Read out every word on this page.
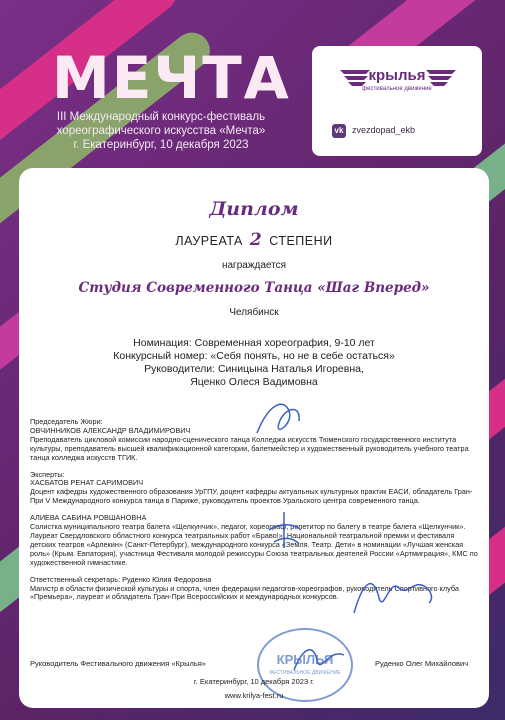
МЕЧТА
III Международный конкурс-фестиваль
хореографического искусства «Мечта»
г. Екатеринбург, 10 декабря 2023
крылья
фестивальное движение
vk zvezdopad_ekb
Диплом
ЛАУРЕАТА 2 СТЕПЕНИ
награждается
Студия Современного Танца «Шаг Вперед»
Челябинск
Номинация: Современная хореография, 9-10 лет
Конкурсный номер: «Себя понять, но не в себе остаться»
Руководители: Синицына Наталья Игоревна,
Яценко Олеся Вадимовна

Председатель Жюри:
ОВЧИННИКОВ АЛЕКСАНДР ВЛАДИМИРОВИЧ
Преподаватель цикловой комиссии народно-сценического танца Колледжа искусств Тюменского государственного института культуры, преподаватель высшей квалификационной категории, балетмейстер и художественный руководитель учебного театра танца колледжа искусств ТГИК.

Эксперты:
ХАСБАТОВ РЕНАТ САРИМОВИЧ
Доцент кафедры художественного образования УрГПУ, доцент кафедры актуальных культурных практик ЕАСИ, обладатель Гран-При V Международного конкурса танца в Париже, руководитель проектов Уральского центра современного танца.

АЛИЕВА САБИНА РОВШАНОВНА
Солистка муниципального театра балета «Щелкунчик», педагог, хореограф, репетитор по балету в театре балета «Щелкунчик». Лауреат Свердловского областного конкурса театральных работ «Браво!», Национальной театральной премии и фестиваля детских театров «Арлекин» (Санкт-Петербург), международного конкурса «Земля. Театр. Дети» в номинации «Лучшая женская роль» (Крым. Евпатория), участница Фестиваля молодой режиссуры Союза театральных деятелей России «Артмиграция», КМС по художественной гимнастике.

Ответственный секретарь: Руденко Юлия Федоровна
Магистр в области физической культуры и спорта, член федерации педагогов-хореографов, руководитель Спортивного клуба «Премьера», лауреат и обладатель Гран-При Всероссийских и международных конкурсов.

КРЫЛЬЯ
ФЕСТИВАЛЬНОЕ ДВИЖЕНИЕ
Руководитель Фестивального движения «Крылья»	Руденко Олег Михайлович
г. Екатеринбург, 10 декабря 2023 г.
www.krilya-fest.ru
